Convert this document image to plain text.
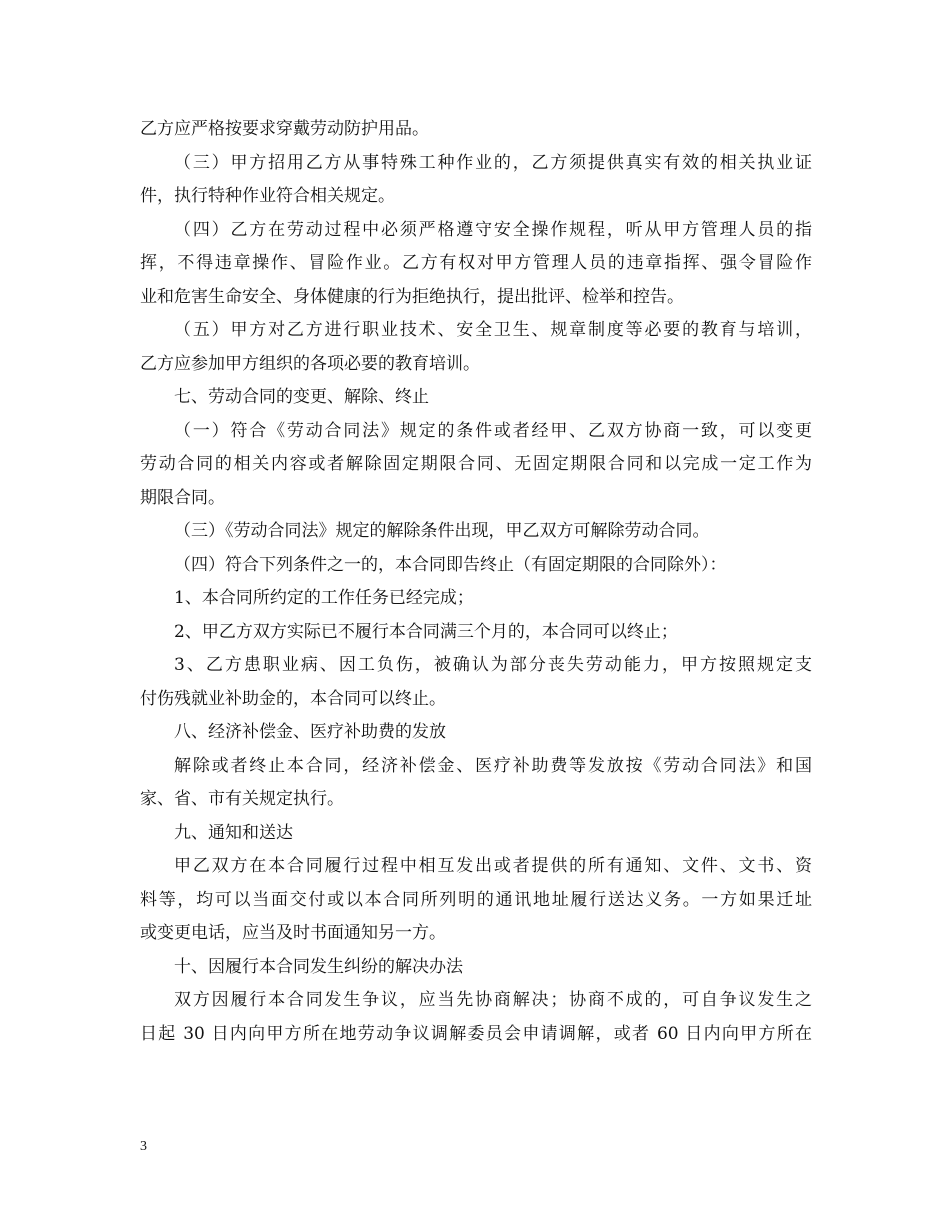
乙方应严格按要求穿戴劳动防护用品。
（三）甲方招用乙方从事特殊工种作业的，乙方须提供真实有效的相关执业证
件，执行特种作业符合相关规定。
（四）乙方在劳动过程中必须严格遵守安全操作规程，听从甲方管理人员的指
挥，不得违章操作、冒险作业。乙方有权对甲方管理人员的违章指挥、强令冒险作
业和危害生命安全、身体健康的行为拒绝执行，提出批评、检举和控告。
（五）甲方对乙方进行职业技术、安全卫生、规章制度等必要的教育与培训，
乙方应参加甲方组织的各项必要的教育培训。
七、劳动合同的变更、解除、终止
（一）符合《劳动合同法》规定的条件或者经甲、乙双方协商一致，可以变更
劳动合同的相关内容或者解除固定期限合同、无固定期限合同和以完成一定工作为
期限合同。
（三）《劳动合同法》规定的解除条件出现，甲乙双方可解除劳动合同。
（四）符合下列条件之一的，本合同即告终止（有固定期限的合同除外）：
1、本合同所约定的工作任务已经完成；
2、甲乙方双方实际已不履行本合同满三个月的，本合同可以终止；
3、乙方患职业病、因工负伤，被确认为部分丧失劳动能力，甲方按照规定支
付伤残就业补助金的，本合同可以终止。
八、经济补偿金、医疗补助费的发放
解除或者终止本合同，经济补偿金、医疗补助费等发放按《劳动合同法》和国
家、省、市有关规定执行。
九、通知和送达
甲乙双方在本合同履行过程中相互发出或者提供的所有通知、文件、文书、资
料等，均可以当面交付或以本合同所列明的通讯地址履行送达义务。一方如果迁址
或变更电话，应当及时书面通知另一方。
十、因履行本合同发生纠纷的解决办法
双方因履行本合同发生争议，应当先协商解决；协商不成的，可自争议发生之
日起 30 日内向甲方所在地劳动争议调解委员会申请调解，或者 60 日内向甲方所在
3
